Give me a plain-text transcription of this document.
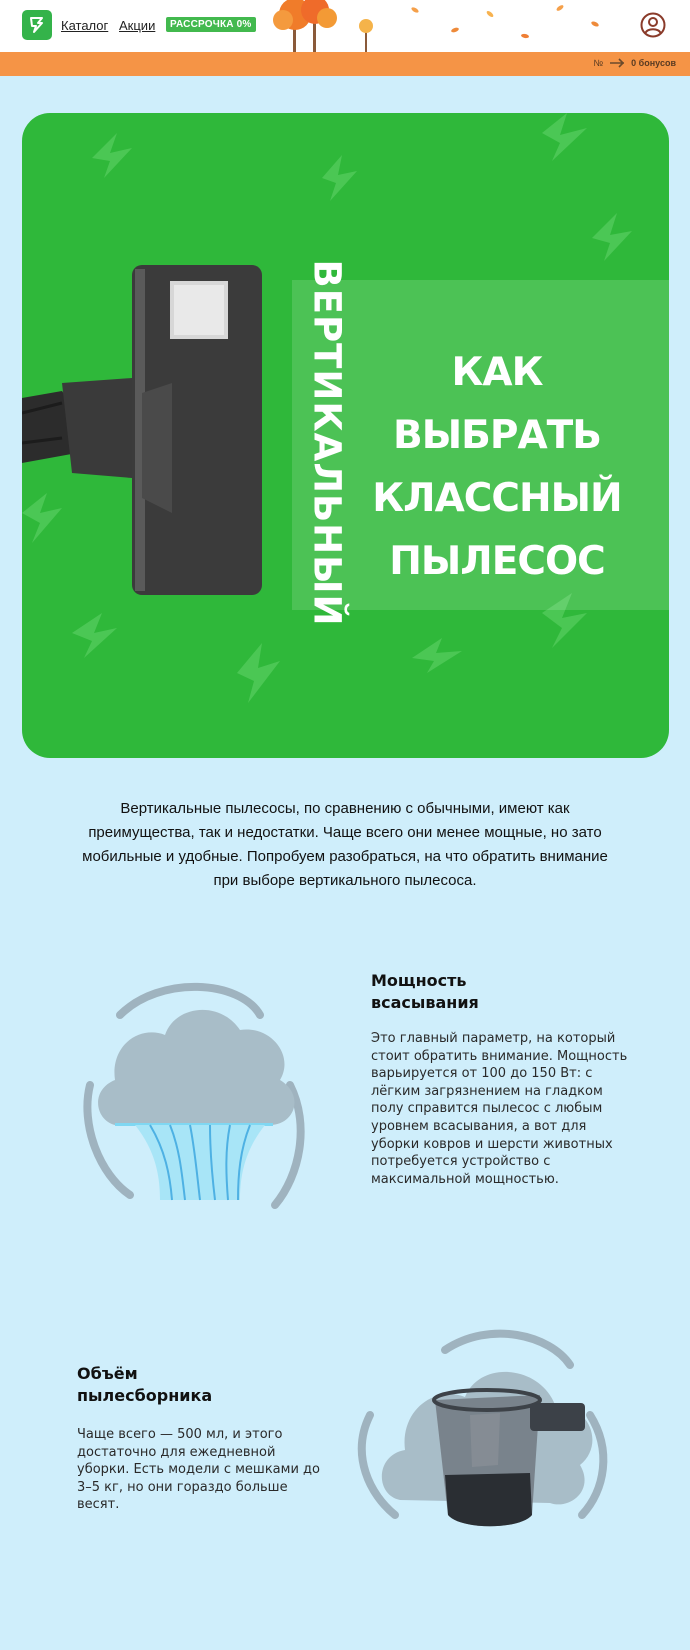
Каталог Акции	РАССРОЧКА 0%
№	0 бонусов
ВЕРТИКАЛЬНЫЙ	КАК ВЫБРАТЬ
КЛАССНЫЙ
ПЫЛЕСОС

Вертикальные пылесосы, по сравнению с обычными, имеют как преимущества, так и недостатки. Чаще всего они менее мощные, но зато мобильные и удобные. Попробуем разобраться, на что обратить внимание при выборе вертикального пылесоса.

Мощность всасывания

Это главный параметр, на который стоит обратить внимание. Мощность варьируется от 100 до 150 Вт: с лёгким загрязнением на гладком полу справится пылесос с любым уровнем всасывания, а вот для уборки ковров и шерсти животных потребуется устройство с максимальной мощностью.

Объём пылесборника

Чаще всего — 500 мл, и этого достаточно для ежедневной уборки. Есть модели с мешками до 3–5 кг, но они гораздо больше весят.
